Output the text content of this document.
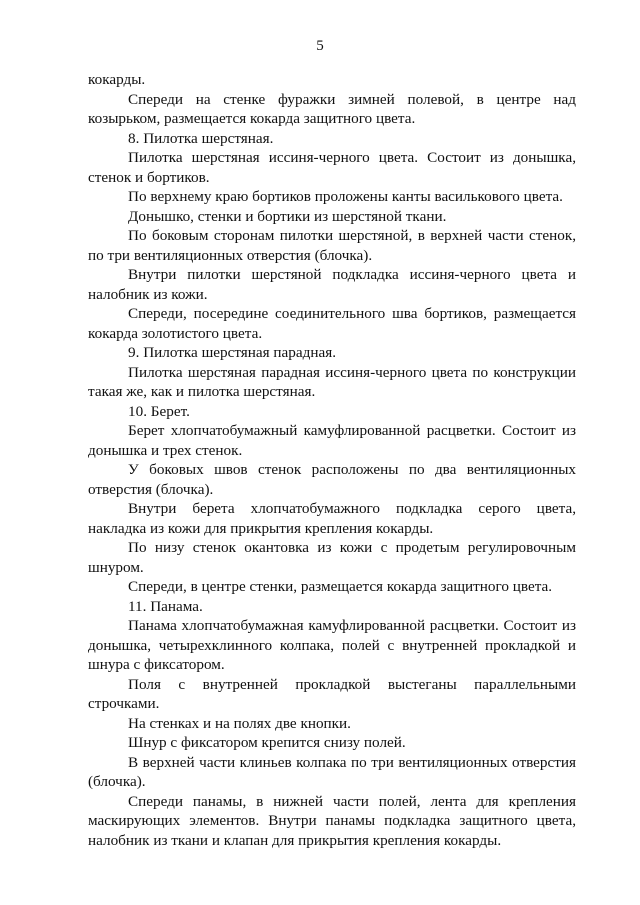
5

кокарды.

Спереди на стенке фуражки зимней полевой, в центре над козырьком, размещается кокарда защитного цвета.

8. Пилотка шерстяная.

Пилотка шерстяная иссиня-черного цвета. Состоит из донышка, стенок и бортиков.

По верхнему краю бортиков проложены канты василькового цвета.

Донышко, стенки и бортики из шерстяной ткани.

По боковым сторонам пилотки шерстяной, в верхней части стенок, по три вентиляционных отверстия (блочка).

Внутри пилотки шерстяной подкладка иссиня-черного цвета и налобник из кожи.

Спереди, посередине соединительного шва бортиков, размещается кокарда золотистого цвета.

9. Пилотка шерстяная парадная.

Пилотка шерстяная парадная иссиня-черного цвета по конструкции такая же, как и пилотка шерстяная.

10. Берет.

Берет хлопчатобумажный камуфлированной расцветки. Состоит из донышка и трех стенок.

У боковых швов стенок расположены по два вентиляционных отверстия (блочка).

Внутри берета хлопчатобумажного подкладка серого цвета, накладка из кожи для прикрытия крепления кокарды.

По низу стенок окантовка из кожи с продетым регулировочным шнуром.

Спереди, в центре стенки, размещается кокарда защитного цвета.

11. Панама.

Панама хлопчатобумажная камуфлированной расцветки. Состоит из донышка, четырехклинного колпака, полей с внутренней прокладкой и шнура с фиксатором.

Поля с внутренней прокладкой выстеганы параллельными строчками.

На стенках и на полях две кнопки.

Шнур с фиксатором крепится снизу полей.

В верхней части клиньев колпака по три вентиляционных отверстия (блочка).

Спереди панамы, в нижней части полей, лента для крепления маскирующих элементов. Внутри панамы подкладка защитного цвета, налобник из ткани и клапан для прикрытия крепления кокарды.
